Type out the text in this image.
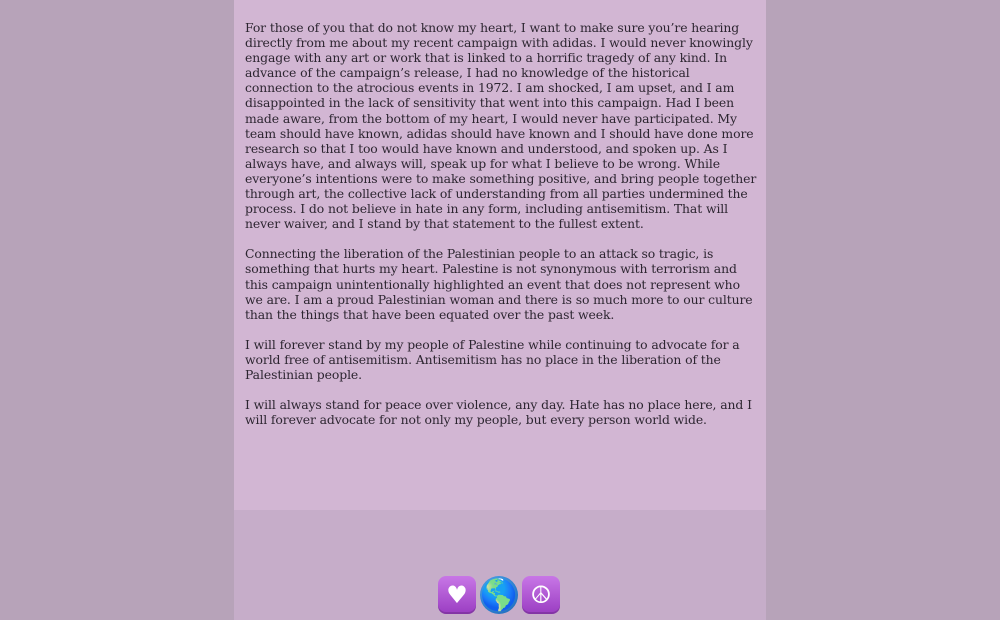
For those of you that do not know my heart, I want to make sure you’re hearing directly from me about my recent campaign with adidas. I would never knowingly engage with any art or work that is linked to a horrific tragedy of any kind. In advance of the campaign’s release, I had no knowledge of the historical connection to the atrocious events in 1972. I am shocked, I am upset, and I am disappointed in the lack of sensitivity that went into this campaign. Had I been made aware, from the bottom of my heart, I would never have participated. My team should have known, adidas should have known and I should have done more research so that I too would have known and understood, and spoken up. As I always have, and always will, speak up for what I believe to be wrong. While everyone’s intentions were to make something positive, and bring people together through art, the collective lack of understanding from all parties undermined the process. I do not believe in hate in any form, including antisemitism. That will never waiver, and I stand by that statement to the fullest extent.

Connecting the liberation of the Palestinian people to an attack so tragic, is something that hurts my heart. Palestine is not synonymous with terrorism and this campaign unintentionally highlighted an event that does not represent who we are. I am a proud Palestinian woman and there is so much more to our culture than the things that have been equated over the past week.

I will forever stand by my people of Palestine while continuing to advocate for a world free of antisemitism. Antisemitism has no place in the liberation of the Palestinian people.

I will always stand for peace over violence, any day. Hate has no place here, and I will forever advocate for not only my people, but every person world wide.

♥ 🌎 ☮
